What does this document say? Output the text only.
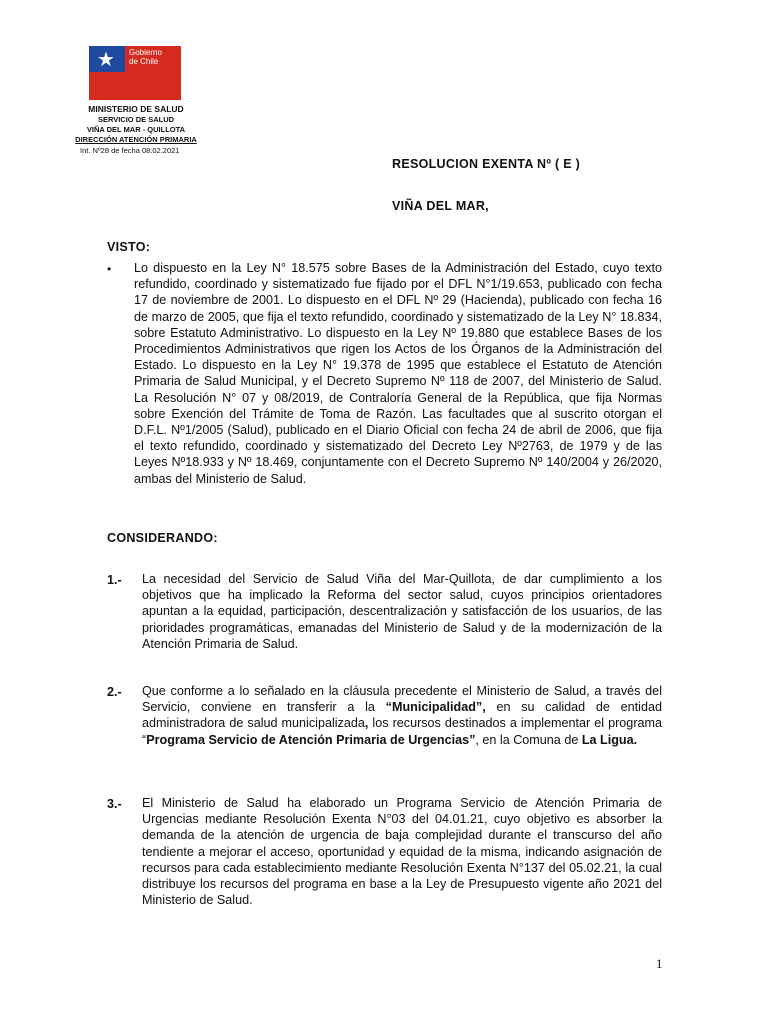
★ Gobierno
de Chile
MINISTERIO DE SALUD
SERVICIO DE SALUD
VIÑA DEL MAR - QUILLOTA
DIRECCIÓN ATENCIÓN PRIMARIA
Int. Nº28 de fecha 08.02.2021
RESOLUCION EXENTA Nº ( E )
VIÑA DEL MAR,
VISTO:
• Lo dispuesto en la Ley N° 18.575 sobre Bases de la Administración del Estado, cuyo texto refundido, coordinado y sistematizado fue fijado por el DFL N°1/19.653, publicado con fecha 17 de noviembre de 2001. Lo dispuesto en el DFL Nº 29 (Hacienda), publicado con fecha 16 de marzo de 2005, que fija el texto refundido, coordinado y sistematizado de la Ley N° 18.834, sobre Estatuto Administrativo. Lo dispuesto en la Ley Nº 19.880 que establece Bases de los Procedimientos Administrativos que rigen los Actos de los Órganos de la Administración del Estado. Lo dispuesto en la Ley N° 19.378 de 1995 que establece el Estatuto de Atención Primaria de Salud Municipal, y el Decreto Supremo Nº 118 de 2007, del Ministerio de Salud. La Resolución N° 07 y 08/2019, de Contraloría General de la República, que fija Normas sobre Exención del Trámite de Toma de Razón. Las facultades que al suscrito otorgan el D.F.L. Nº1/2005 (Salud), publicado en el Diario Oficial con fecha 24 de abril de 2006, que fija el texto refundido, coordinado y sistematizado del Decreto Ley Nº2763, de 1979 y de las Leyes Nº18.933 y Nº 18.469, conjuntamente con el Decreto Supremo Nº 140/2004 y 26/2020, ambas del Ministerio de Salud.
CONSIDERANDO:
1.- La necesidad del Servicio de Salud Viña del Mar-Quillota, de dar cumplimiento a los objetivos que ha implicado la Reforma del sector salud, cuyos principios orientadores apuntan a la equidad, participación, descentralización y satisfacción de los usuarios, de las prioridades programáticas, emanadas del Ministerio de Salud y de la modernización de la Atención Primaria de Salud.
2.- Que conforme a lo señalado en la cláusula precedente el Ministerio de Salud, a través del Servicio, conviene en transferir a la “Municipalidad”, en su calidad de entidad administradora de salud municipalizada, los recursos destinados a implementar el programa “Programa Servicio de Atención Primaria de Urgencias”, en la Comuna de La Ligua.
3.- El Ministerio de Salud ha elaborado un Programa Servicio de Atención Primaria de Urgencias mediante Resolución Exenta N°03 del 04.01.21, cuyo objetivo es absorber la demanda de la atención de urgencia de baja complejidad durante el transcurso del año tendiente a mejorar el acceso, oportunidad y equidad de la misma, indicando asignación de recursos para cada establecimiento mediante Resolución Exenta N°137 del 05.02.21, la cual distribuye los recursos del programa en base a la Ley de Presupuesto vigente año 2021 del Ministerio de Salud.
1
